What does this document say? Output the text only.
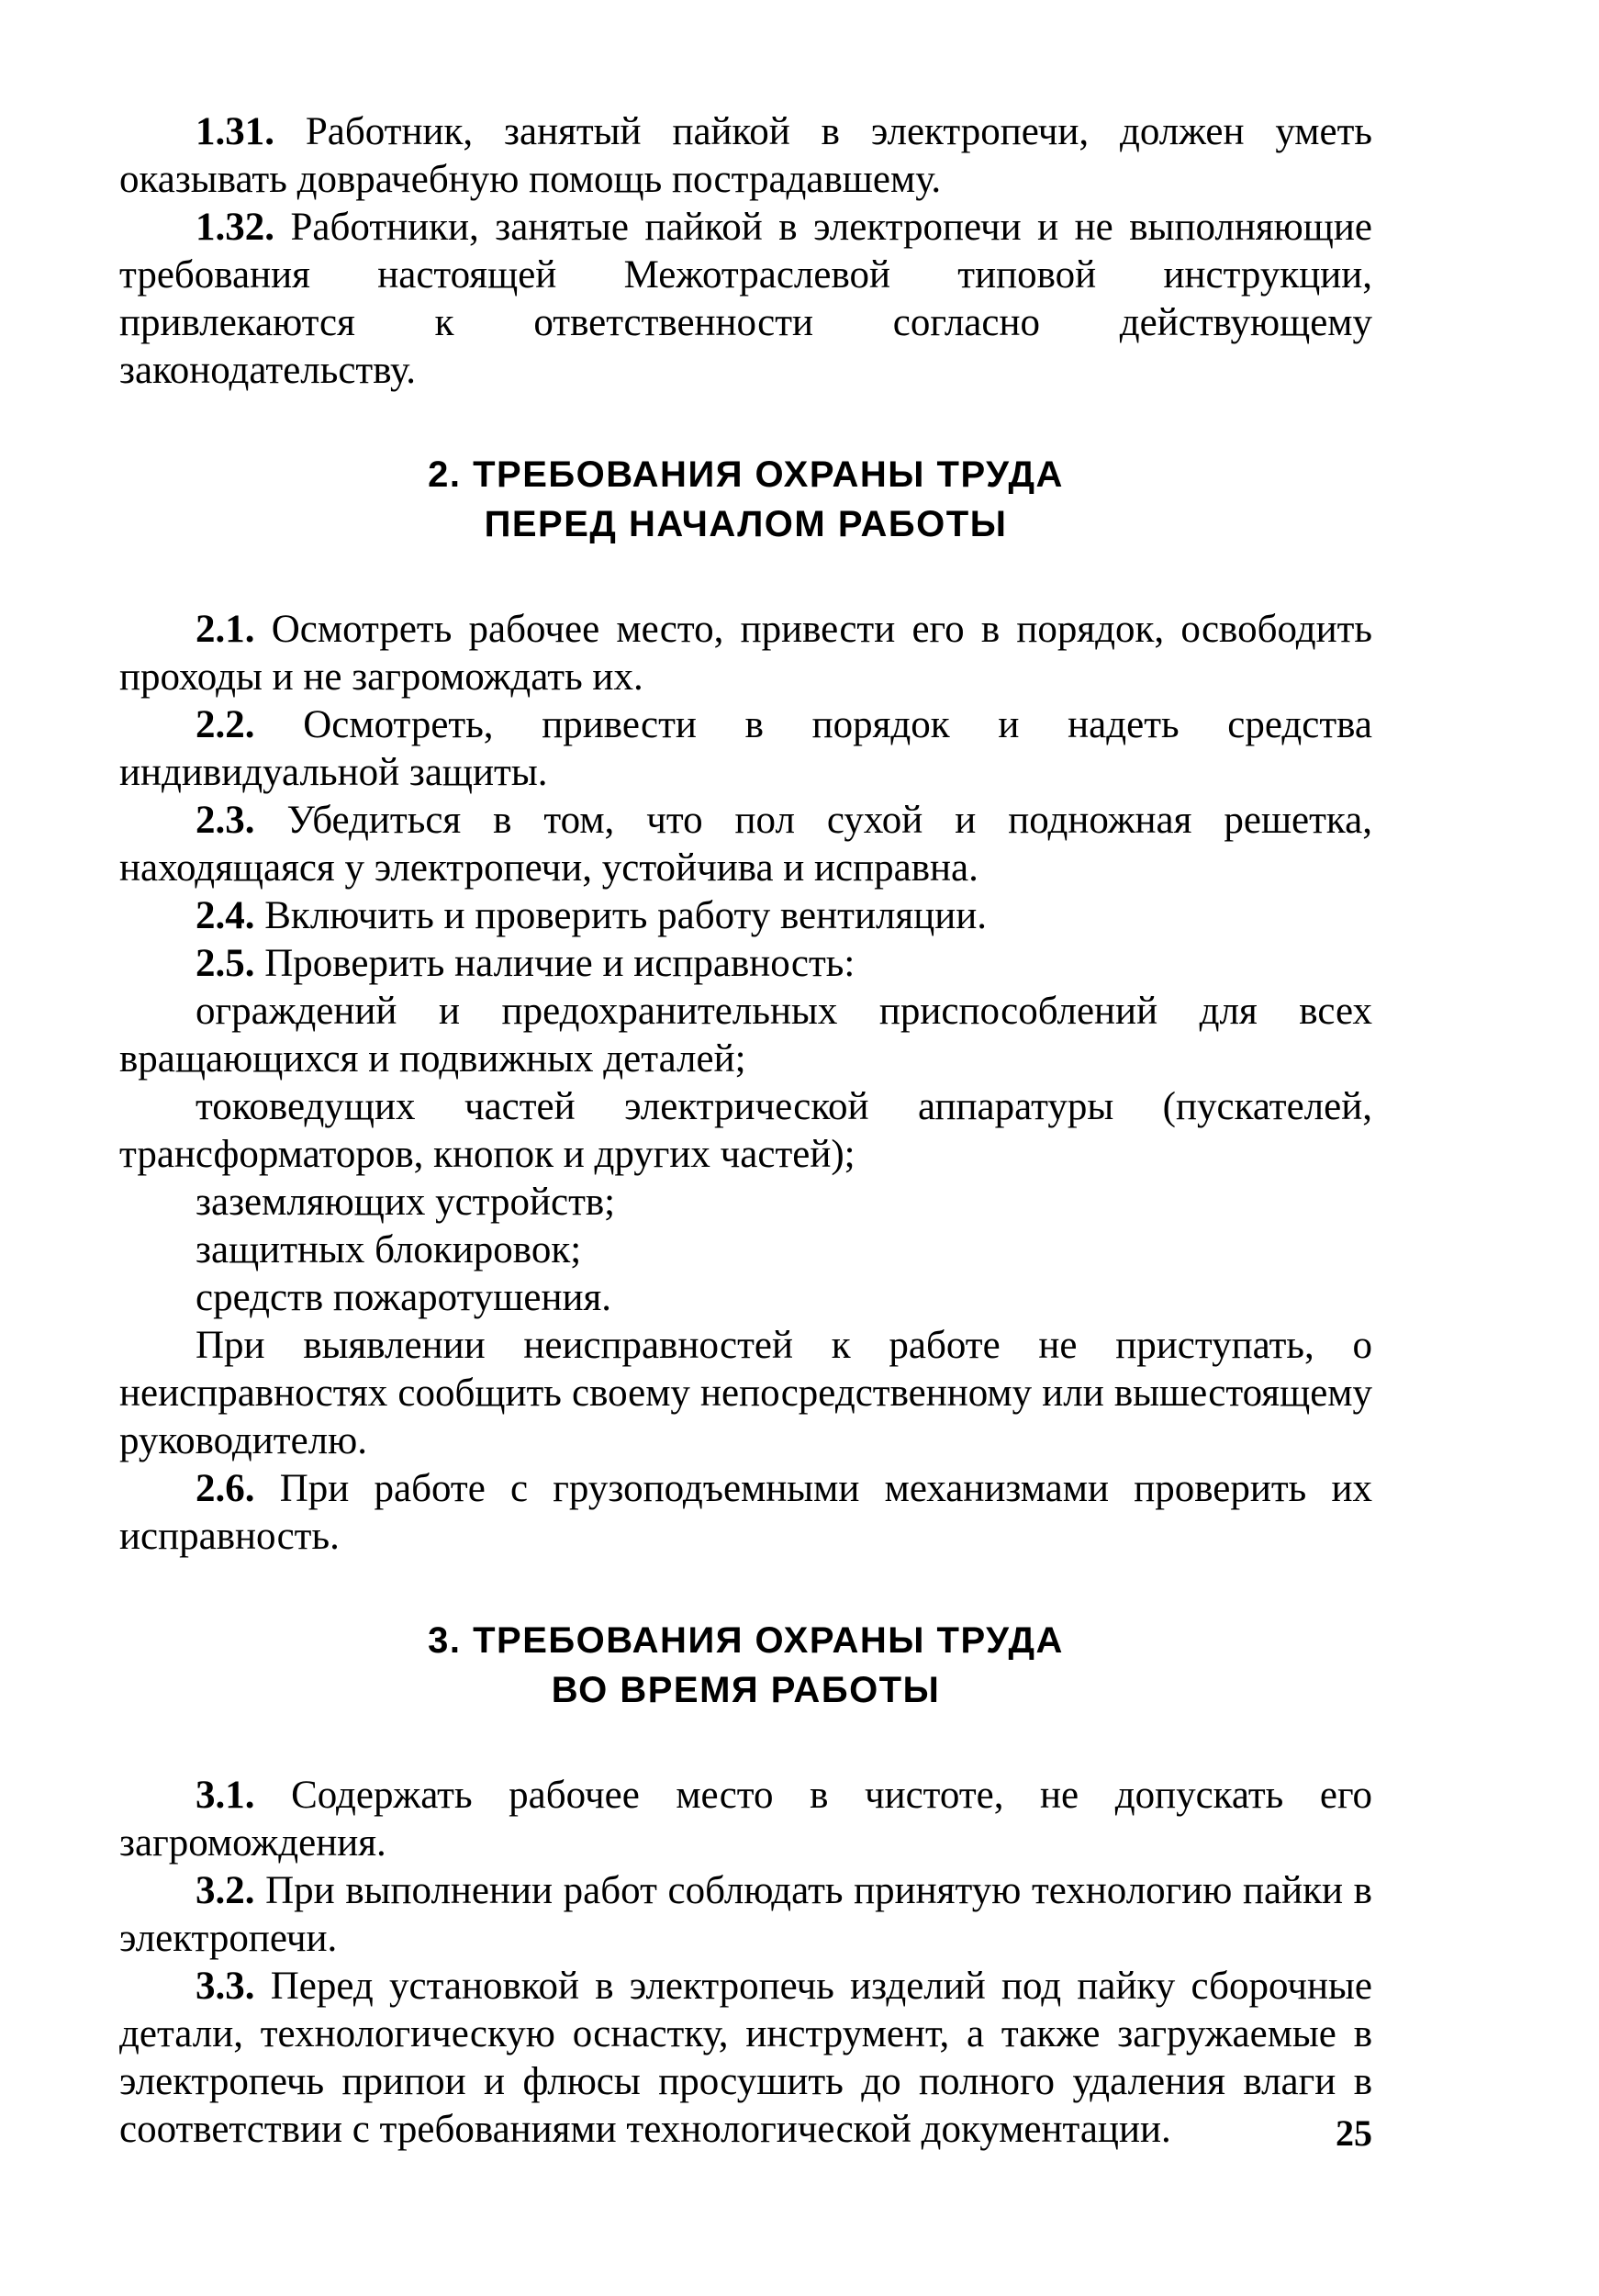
1.31. Работник, занятый пайкой в электропечи, должен уметь оказывать доврачебную помощь пострадавшему.

1.32. Работники, занятые пайкой в электропечи и не выполняющие требования настоящей Межотраслевой типовой инструкции, привлекаются к ответственности согласно действующему законодательству.

2. ТРЕБОВАНИЯ ОХРАНЫ ТРУДА
ПЕРЕД НАЧАЛОМ РАБОТЫ

2.1. Осмотреть рабочее место, привести его в порядок, освободить проходы и не загромождать их.

2.2. Осмотреть, привести в порядок и надеть средства индивидуальной защиты.

2.3. Убедиться в том, что пол сухой и подножная решетка, находящаяся у электропечи, устойчива и исправна.

2.4. Включить и проверить работу вентиляции.

2.5. Проверить наличие и исправность:

ограждений и предохранительных приспособлений для всех вращающихся и подвижных деталей;

токоведущих частей электрической аппаратуры (пускателей, трансформаторов, кнопок и других частей);

заземляющих устройств;

защитных блокировок;

средств пожаротушения.

При выявлении неисправностей к работе не приступать, о неисправностях сообщить своему непосредственному или вышестоящему руководителю.

2.6. При работе с грузоподъемными механизмами проверить их исправность.

3. ТРЕБОВАНИЯ ОХРАНЫ ТРУДА
ВО ВРЕМЯ РАБОТЫ

3.1. Содержать рабочее место в чистоте, не допускать его загромождения.

3.2. При выполнении работ соблюдать принятую технологию пайки в электропечи.

3.3. Перед установкой в электропечь изделий под пайку сборочные детали, технологическую оснастку, инструмент, а также загружаемые в электропечь припои и флюсы просушить до полного удаления влаги в соответствии с требованиями технологической документации.	25
